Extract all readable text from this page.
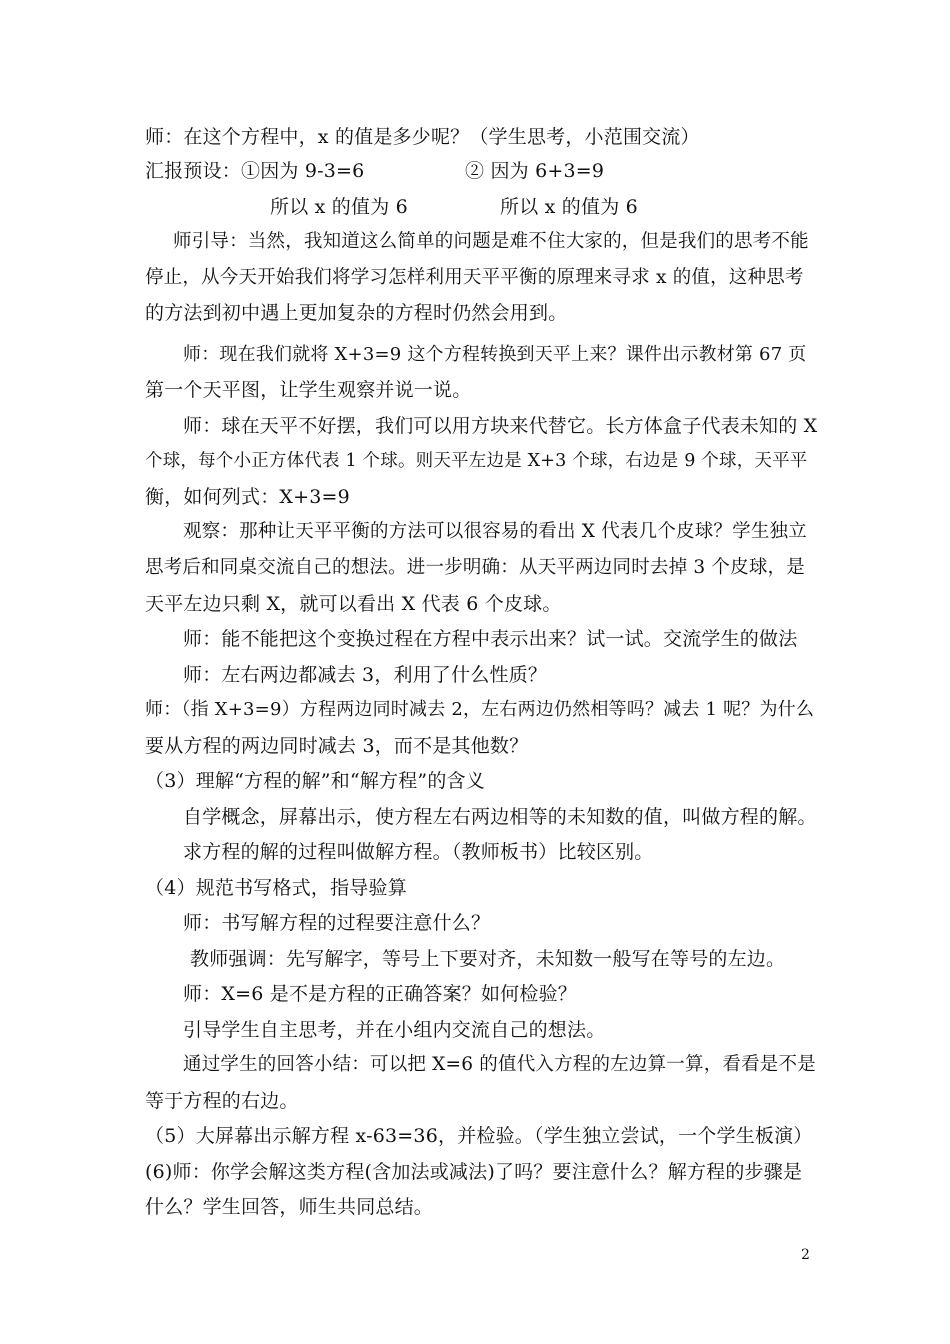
师：在这个方程中，x 的值是多少呢？（学生思考，小范围交流）
汇报预设：①因为 9-3=6	② 因为 6+3=9
所以 x 的值为 6	所以 x 的值为 6
师引导：当然，我知道这么简单的问题是难不住大家的，但是我们的思考不能
停止，从今天开始我们将学习怎样利用天平平衡的原理来寻求 x 的值，这种思考
的方法到初中遇上更加复杂的方程时仍然会用到。
师：现在我们就将 X+3=9 这个方程转换到天平上来？课件出示教材第 67 页
第一个天平图，让学生观察并说一说。
师：球在天平不好摆，我们可以用方块来代替它。长方体盒子代表未知的 X
个球，每个小正方体代表 1 个球。则天平左边是 X+3 个球，右边是 9 个球，天平平
衡，如何列式：X+3=9
观察：那种让天平平衡的方法可以很容易的看出 X 代表几个皮球？学生独立
思考后和同桌交流自己的想法。进一步明确：从天平两边同时去掉 3 个皮球，是
天平左边只剩 X，就可以看出 X 代表 6 个皮球。
师：能不能把这个变换过程在方程中表示出来？试一试。交流学生的做法
师：左右两边都减去 3，利用了什么性质？
师：（指 X+3=9）方程两边同时减去 2，左右两边仍然相等吗？减去 1 呢？为什么
要从方程的两边同时减去 3，而不是其他数？
（3）理解“方程的解”和“解方程”的含义
自学概念，屏幕出示，使方程左右两边相等的未知数的值，叫做方程的解。
求方程的解的过程叫做解方程。（教师板书）比较区别。
（4）规范书写格式，指导验算
师：书写解方程的过程要注意什么？
教师强调：先写解字，等号上下要对齐，未知数一般写在等号的左边。
师：X=6 是不是方程的正确答案？如何检验？
引导学生自主思考，并在小组内交流自己的想法。
通过学生的回答小结：可以把 X=6 的值代入方程的左边算一算，看看是不是
等于方程的右边。
（5）大屏幕出示解方程 x-63=36，并检验。（学生独立尝试，一个学生板演）
(6)师：你学会解这类方程(含加法或减法)了吗？要注意什么？解方程的步骤是
什么？学生回答，师生共同总结。
2
